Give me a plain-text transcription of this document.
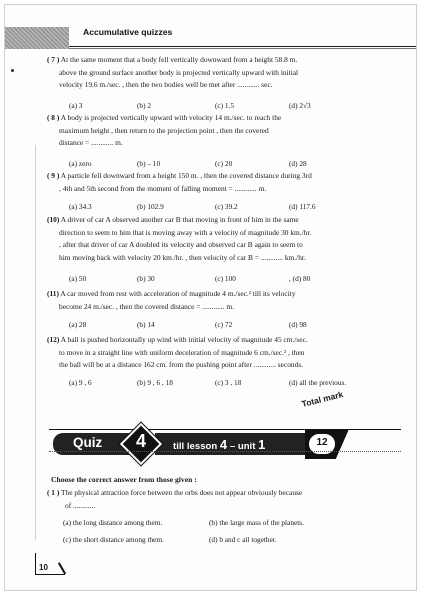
Accumulative quizzes
( 7 ) At the same moment that a body fell vertically downward from a height 58.8 m.
above the ground surface another body is projected vertically upward with initial
velocity 19.6 m./sec. , then the two bodies well be met after ............ sec.
(a) 3	(b) 2	(c) 1.5	(d) 2√3
( 8 ) A body is projected vertically upward with velocity 14 m./sec. to reach the
maximum height , then return to the projection point , then the covered
distance = ............ m.
(a) zero	(b) – 10	(c) 20	(d) 28
( 9 ) A particle fell downward from a height 150 m. , then the covered distance during 3rd
, 4th and 5th second from the moment of falling moment = ............ m.
(a) 34.3	(b) 102.9	(c) 39.2	(d) 117.6
(10) A driver of car A observed another car B that moving in front of him in the same
direction to seem to him that is moving away with a velocity of magnitude 30 km./hr.
, after that driver of car A doubled its velocity and observed car B again to seem to
him moving back with velocity 20 km./hr. , then velocity of car B = ............ km./hr.
(a) 50	(b) 30	(c) 100	, (d) 80
(11) A car moved from rest with acceleration of magnitude 4 m./sec.² till its velocity
become 24 m./sec. , then the covered distance = ............ m.
(a) 28	(b) 14	(c) 72	(d) 98
(12) A ball is pushed horizontally up wind with initial velocity of magnitude 45 cm./sec.
to move in a straight line with uniform deceleration of magnitude 6 cm./sec.² , then
the ball will be at a distance 162 cm. from the pushing point after ............ seconds.
(a) 9 , 6	(b) 9 , 6 , 18	(c) 3 , 18	(d) all the previous.
Total mark
Quiz	4	till lesson 4 – unit 1	12
Choose the correct answer from those given :
( 1 ) The physical attraction force between the orbs does not appear obviously because
of ............
(a) the long distance among them.	(b) the large mass of the planets.
(c) the short distance among them.	(d) b and c all together.
10
